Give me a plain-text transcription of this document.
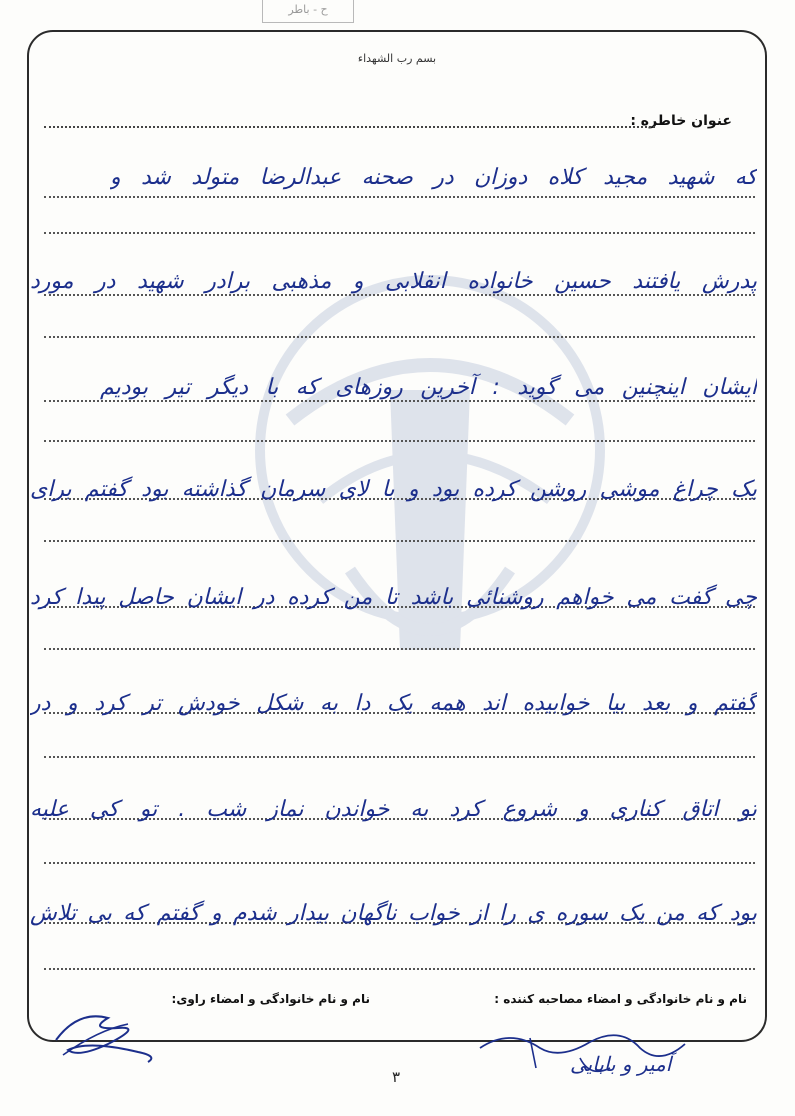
ح - باطر
بسم رب الشهداء
عنوان خاطره :
که شهید مجید کلاه دوزان در صحنه عبدالرضا متولد شد و
پدرش یافتند حسین خانواده انقلابی و مذهبی برادر شهید در مورد
ایشان اینچنین می گوید : آخرین روزهای که با دیگر تیر بودیم
یک چراغ موشی روشن کرده بود و با لای سرمان گذاشته بود گفتم برای
چی گفت می خواهم روشنائی باشد تا من کرده در ایشان حاصل پیدا کرد
گفتم و بعد بیا خوابیده اند همه یک دا به شکل خودش تر کرد و در
تو اتاق کناری و شروع کرد به خواندن نماز شب . تو کی علیه
بود که من یک سوره ی را از خواب ناگهان بیدار شدم و گفتم که بی تلاش
نام و نام خانوادگی و امضاء مصاحبه کننده :
نام و نام خانوادگی و امضاء راوی:
آمیر و بابایی
۳
